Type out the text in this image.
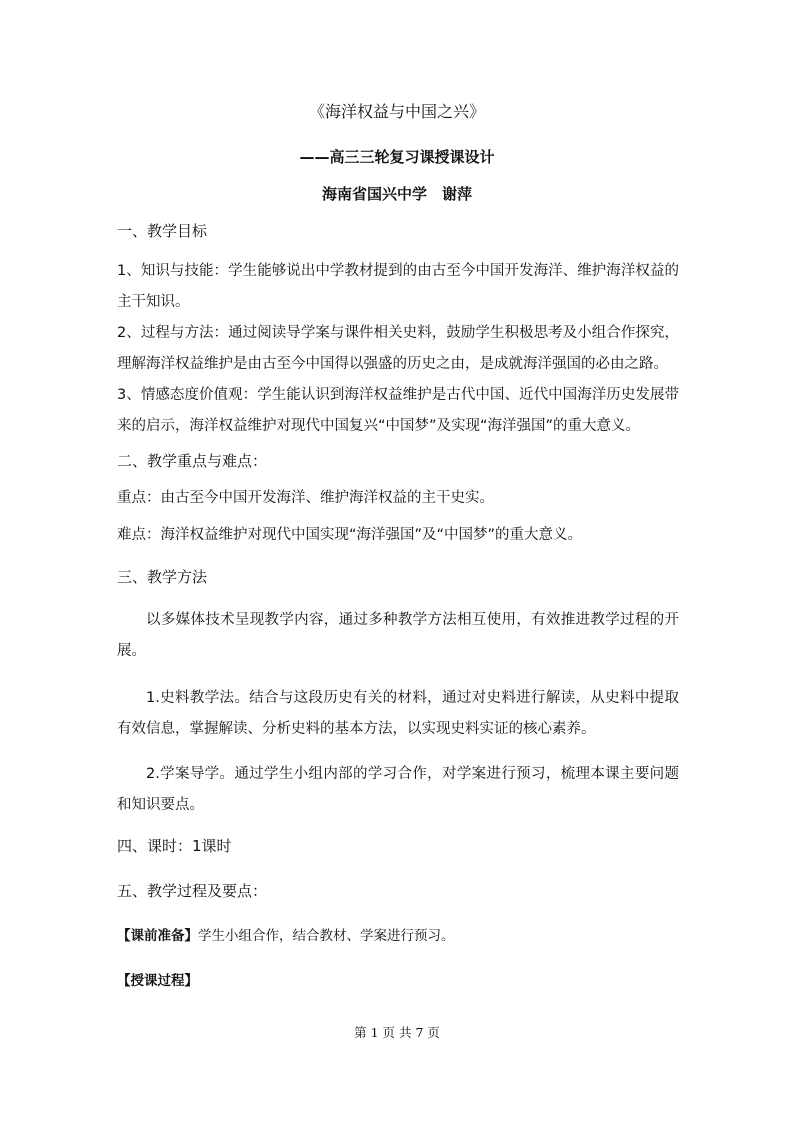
《海洋权益与中国之兴》
——高三三轮复习课授课设计
海南省国兴中学　谢萍
一、教学目标
1、知识与技能：学生能够说出中学教材提到的由古至今中国开发海洋、维护海洋权益的主干知识。
2、过程与方法：通过阅读导学案与课件相关史料，鼓励学生积极思考及小组合作探究，理解海洋权益维护是由古至今中国得以强盛的历史之由，是成就海洋强国的必由之路。
3、情感态度价值观：学生能认识到海洋权益维护是古代中国、近代中国海洋历史发展带来的启示，海洋权益维护对现代中国复兴“中国梦”及实现“海洋强国”的重大意义。
二、教学重点与难点：
重点：由古至今中国开发海洋、维护海洋权益的主干史实。
难点：海洋权益维护对现代中国实现“海洋强国”及“中国梦”的重大意义。
三、教学方法
以多媒体技术呈现教学内容，通过多种教学方法相互使用，有效推进教学过程的开展。
1.史料教学法。结合与这段历史有关的材料，通过对史料进行解读，从史料中提取有效信息，掌握解读、分析史料的基本方法，以实现史料实证的核心素养。
2.学案导学。通过学生小组内部的学习合作，对学案进行预习，梳理本课主要问题和知识要点。
四、课时：1课时
五、教学过程及要点：
【课前准备】学生小组合作，结合教材、学案进行预习。
【授课过程】
第 1 页 共 7 页
